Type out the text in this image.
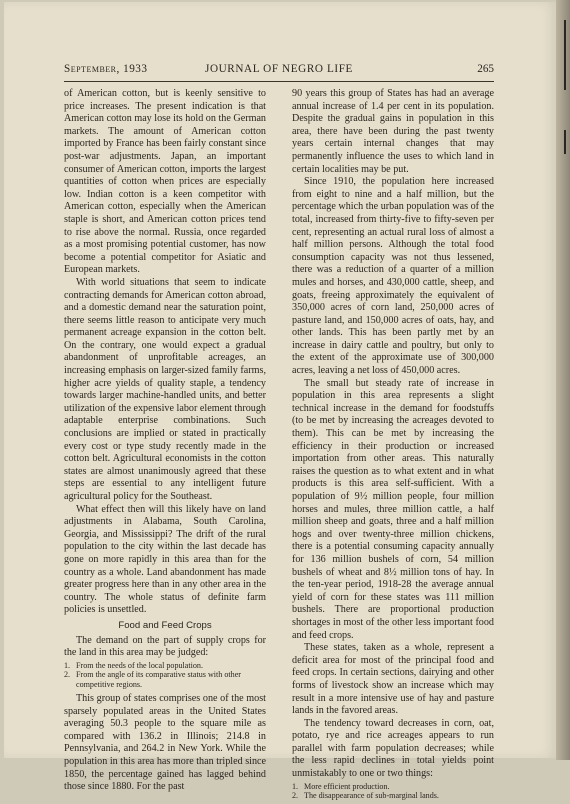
September, 1933	JOURNAL OF NEGRO LIFE	265

of American cotton, but is keenly sensitive to price increases. The present indication is that American cotton may lose its hold on the German markets. The amount of American cotton imported by France has been fairly constant since post-war adjustments. Japan, an important consumer of American cotton, imports the largest quantities of cotton when prices are especially low. Indian cotton is a keen competitor with American cotton, especially when the American staple is short, and American cotton prices tend to rise above the normal. Russia, once regarded as a most promising potential customer, has now become a potential competitor for Asiatic and European markets.

With world situations that seem to indicate contracting demands for American cotton abroad, and a domestic demand near the saturation point, there seems little reason to anticipate very much permanent acreage expansion in the cotton belt. On the contrary, one would expect a gradual abandonment of unprofitable acreages, an increasing emphasis on larger-sized family farms, higher acre yields of quality staple, a tendency towards larger machine-handled units, and better utilization of the expensive labor element through adaptable enterprise combinations. Such conclusions are implied or stated in practically every cost or type study recently made in the cotton belt. Agricultural economists in the cotton states are almost unanimously agreed that these steps are essential to any intelligent future agricultural policy for the Southeast.

What effect then will this likely have on land adjustments in Alabama, South Carolina, Georgia, and Mississippi? The drift of the rural population to the city within the last decade has gone on more rapidly in this area than for the country as a whole. Land abandonment has made greater progress here than in any other area in the country. The whole status of definite farm policies is unsettled.

Food and Feed Crops

The demand on the part of supply crops for the land in this area may be judged:

1. From the needs of the local population.
2. From the angle of its comparative status with other competitive regions.

This group of states comprises one of the most sparsely populated areas in the United States averaging 50.3 people to the square mile as compared with 136.2 in Illinois; 214.8 in Pennsylvania, and 264.2 in New York. While the population in this area has more than tripled since 1850, the percentage gained has lagged behind those since 1880. For the past

90 years this group of States has had an average annual increase of 1.4 per cent in its population. Despite the gradual gains in population in this area, there have been during the past twenty years certain internal changes that may permanently influence the uses to which land in certain localities may be put.

Since 1910, the population here increased from eight to nine and a half million, but the percentage which the urban population was of the total, increased from thirty-five to fifty-seven per cent, representing an actual rural loss of almost a half million persons. Although the total food consumption capacity was not thus lessened, there was a reduction of a quarter of a million mules and horses, and 430,000 cattle, sheep, and goats, freeing approximately the equivalent of 350,000 acres of corn land, 250,000 acres of pasture land, and 150,000 acres of oats, hay, and other lands. This has been partly met by an increase in dairy cattle and poultry, but only to the extent of the approximate use of 300,000 acres, leaving a net loss of 450,000 acres.

The small but steady rate of increase in population in this area represents a slight technical increase in the demand for foodstuffs (to be met by increasing the acreages devoted to them). This can be met by increasing the efficiency in their production or increased importation from other areas. This naturally raises the question as to what extent and in what products is this area self-sufficient. With a population of 9½ million people, four million horses and mules, three million cattle, a half million sheep and goats, three and a half million hogs and over twenty-three million chickens, there is a potential consuming capacity annually for 136 million bushels of corn, 54 million bushels of wheat and 8½ million tons of hay. In the ten-year period, 1918-28 the average annual yield of corn for these states was 111 million bushels. There are proportional production shortages in most of the other less important food and feed crops.

These states, taken as a whole, represent a deficit area for most of the principal food and feed crops. In certain sections, dairying and other forms of livestock show an increase which may result in a more intensive use of hay and pasture lands in the favored areas.

The tendency toward decreases in corn, oat, potato, rye and rice acreages appears to run parallel with farm population decreases; while the less rapid declines in total yields point unmistakably to one or two things:

1. More efficient production.
2. The disappearance of sub-marginal lands.
